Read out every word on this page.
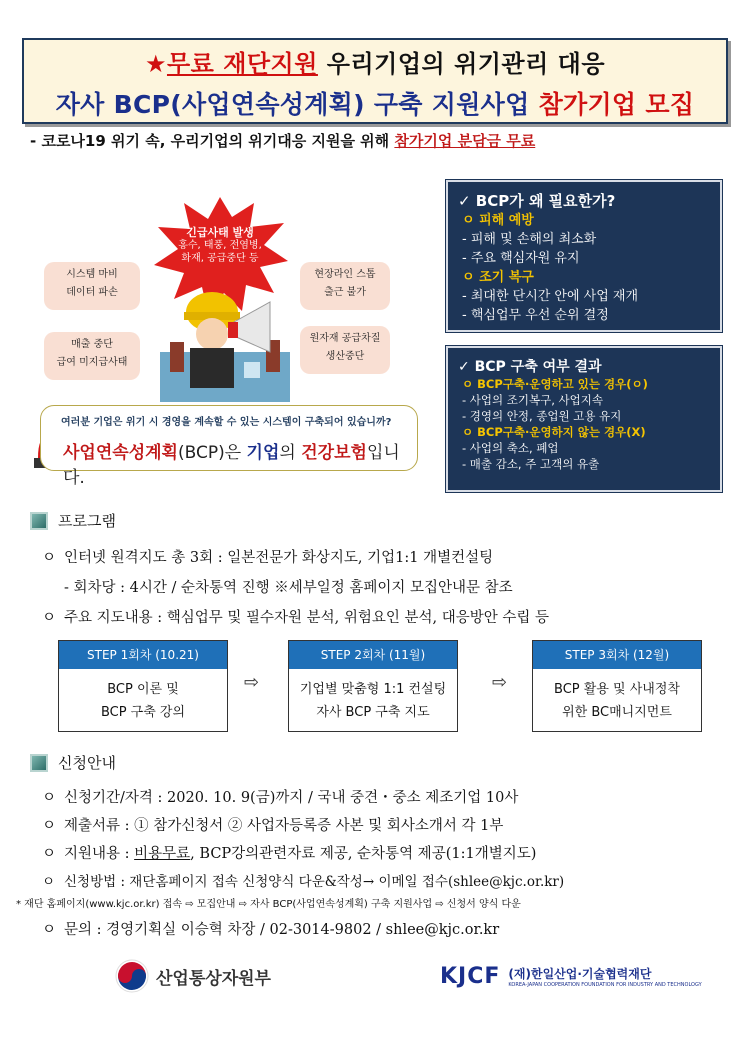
★무료 재단지원 우리기업의 위기관리 대응
자사 BCP(사업연속성계획) 구축 지원사업 참가기업 모집
- 코로나19 위기 속, 우리기업의 위기대응 지원을 위해 참가기업 분담금 무료
긴급사태 발생
홍수, 태풍, 전염병,
화재, 공급중단 등
시스템 마비
데이터 파손
현장라인 스톱
출근 불가
매출 중단
급여 미지급사태
원자재 공급차질
생산중단
여러분 기업은 위기 시 경영을 계속할 수 있는 시스템이 구축되어 있습니까?
사업연속성계획(BCP)은 기업의 건강보험입니다.
✓ BCP가 왜 필요한가?
ㅇ 피해 예방
- 피해 및 손해의 최소화
- 주요 핵심자원 유지
ㅇ 조기 복구
- 최대한 단시간 안에 사업 재개
- 핵심업무 우선 순위 결정
✓ BCP 구축 여부 결과
ㅇ BCP구축·운영하고 있는 경우(ㅇ)
- 사업의 조기복구, 사업지속
- 경영의 안정, 종업원 고용 유지
ㅇ BCP구축·운영하지 않는 경우(X)
- 사업의 축소, 폐업
- 매출 감소, 주 고객의 유출
프로그램
ㅇ 인터넷 원격지도 총 3회 : 일본전문가 화상지도, 기업1:1 개별컨설팅
- 회차당 : 4시간 / 순차통역 진행 ※세부일정 홈페이지 모집안내문 참조
ㅇ 주요 지도내용 : 핵심업무 및 필수자원 분석, 위험요인 분석, 대응방안 수립 등
STEP 1회차 (10.21)
BCP 이론 및
BCP 구축 강의
⇨
STEP 2회차 (11월)
기업별 맞춤형 1:1 컨설팅
자사 BCP 구축 지도
⇨
STEP 3회차 (12월)
BCP 활용 및 사내정착
위한 BC매니지먼트
신청안내
ㅇ 신청기간/자격 : 2020. 10. 9(금)까지 / 국내 중견・중소 제조기업 10사
ㅇ 제출서류 : ① 참가신청서 ② 사업자등록증 사본 및 회사소개서 각 1부
ㅇ 지원내용 : 비용무료, BCP강의관련자료 제공, 순차통역 제공(1:1개별지도)
ㅇ 신청방법 : 재단홈페이지 접속 신청양식 다운&작성→ 이메일 접수(shlee@kjc.or.kr)
* 재단 홈페이지(www.kjc.or.kr) 접속 ⇨ 모집안내 ⇨ 자사 BCP(사업연속성계획) 구축 지원사업 ⇨ 신청서 양식 다운
ㅇ 문의 : 경영기획실 이승혁 차장 / 02-3014-9802 / shlee@kjc.or.kr
산업통상자원부	KJCF (재)한일산업·기술협력재단
KOREA-JAPAN COOPERATION FOUNDATION FOR INDUSTRY AND TECHNOLOGY
